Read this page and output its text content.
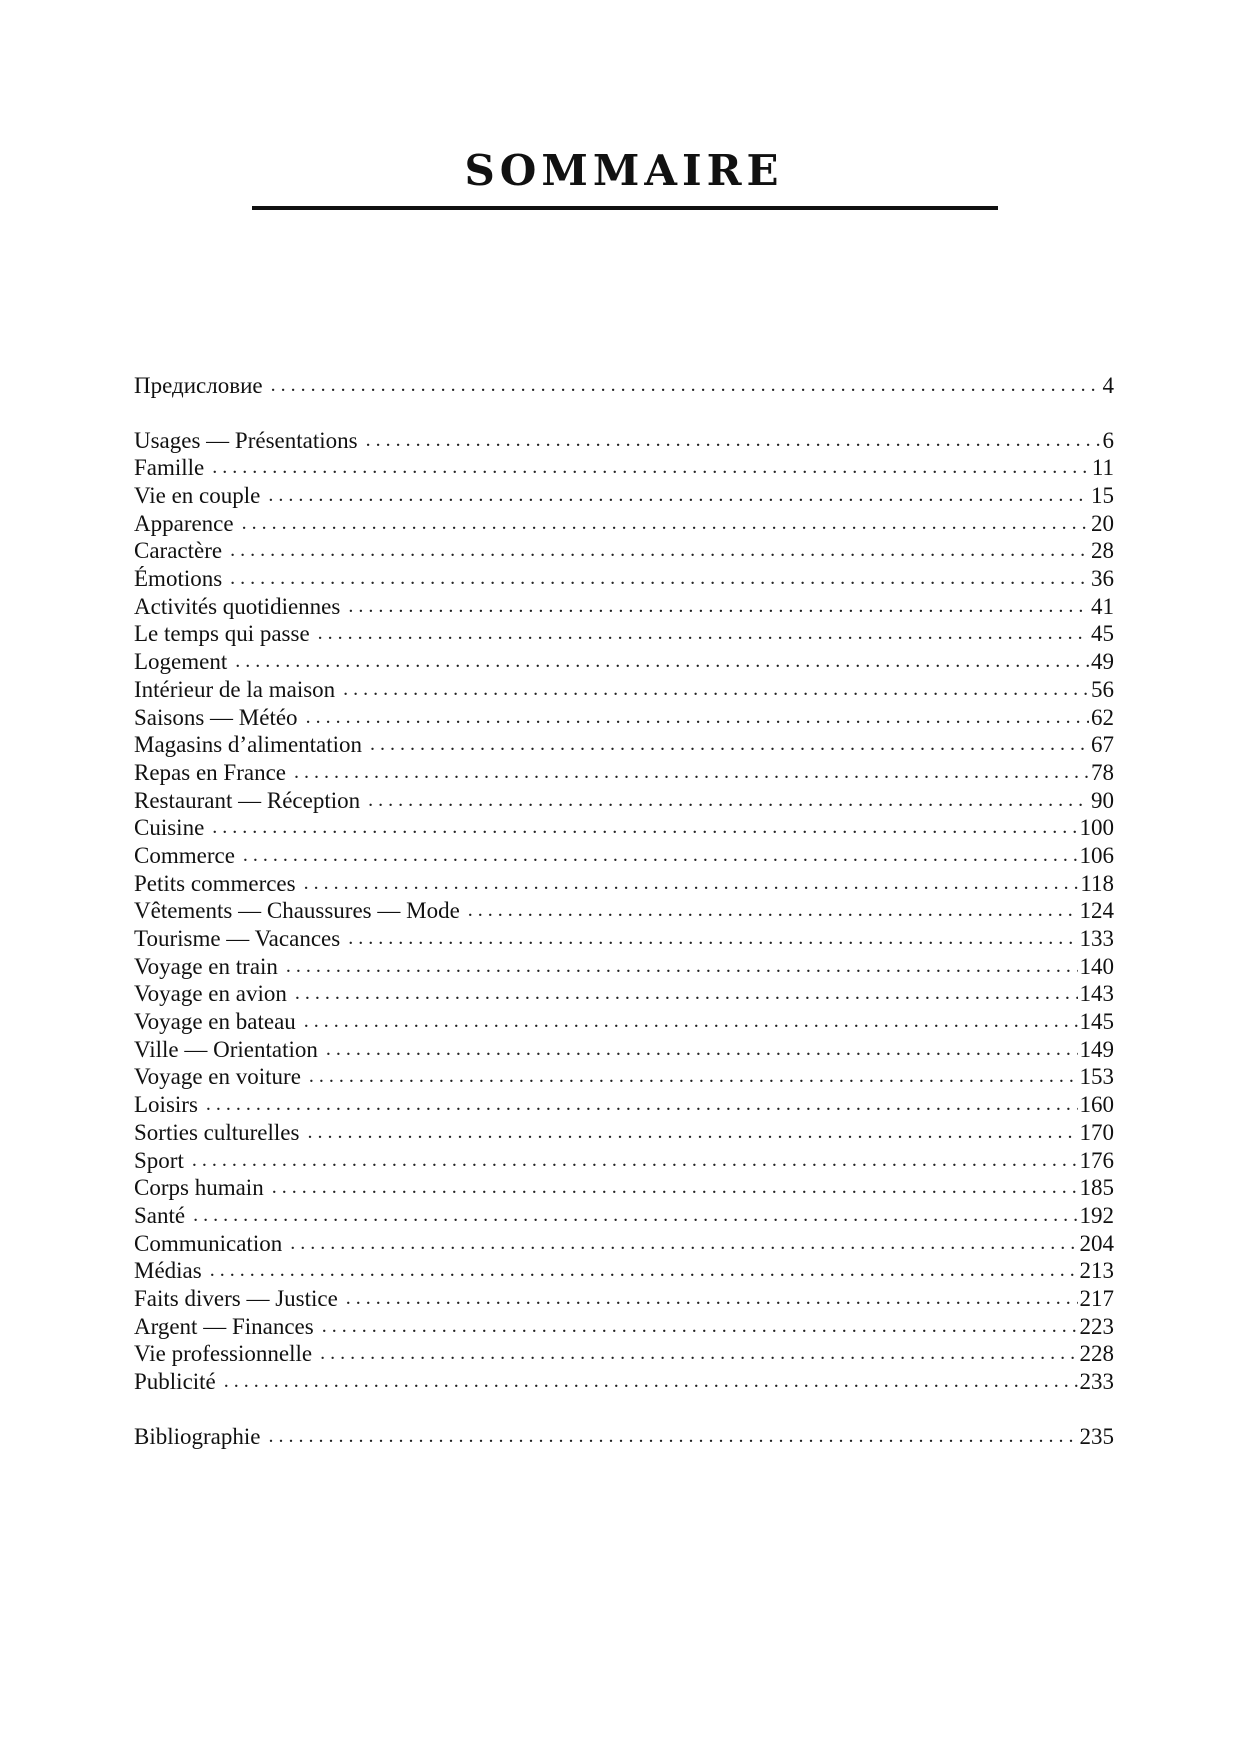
SOMMAIRE
Предисловие . . .	4
Usages — Présentations . . .	6
Famille . . .	11
Vie en couple . . .	15
Apparence . . .	20
Caractère . . .	28
Émotions . . .	36
Activités quotidiennes . . .	41
Le temps qui passe . . .	45
Logement . . .	49
Intérieur de la maison . . .	56
Saisons — Météo . . .	62
Magasins d’alimentation . . .	67
Repas en France . . .	78
Restaurant — Réception . . .	90
Cuisine . . .	100
Commerce . . .	106
Petits commerces . . .	118
Vêtements — Chaussures — Mode . . .	124
Tourisme — Vacances . . .	133
Voyage en train . . .	140
Voyage en avion . . .	143
Voyage en bateau . . .	145
Ville — Orientation . . .	149
Voyage en voiture . . .	153
Loisirs . . .	160
Sorties culturelles . . .	170
Sport . . .	176
Corps humain . . .	185
Santé . . .	192
Communication . . .	204
Médias . . .	213
Faits divers — Justice . . .	217
Argent — Finances . . .	223
Vie professionnelle . . .	228
Publicité . . .	233
Bibliographie . . .	235
